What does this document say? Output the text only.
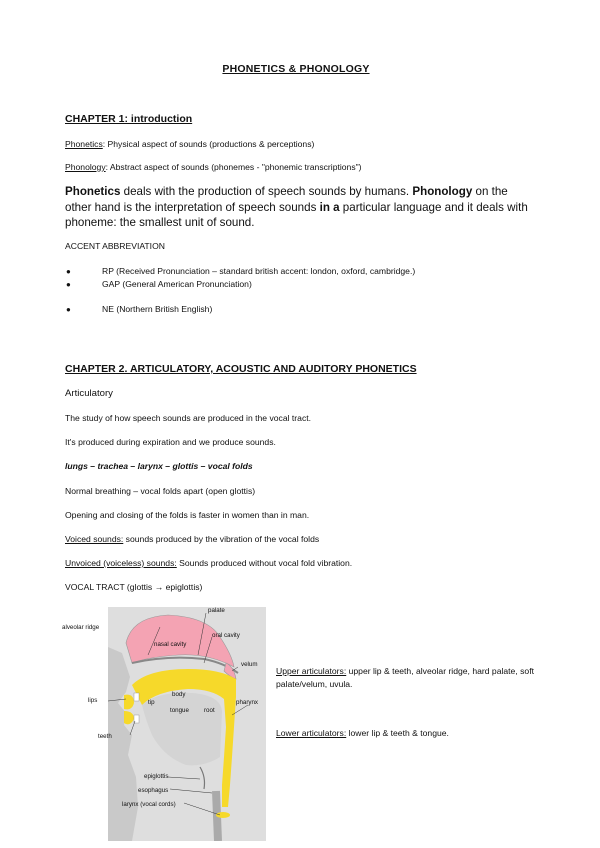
PHONETICS & PHONOLOGY
CHAPTER 1: introduction
Phonetics: Physical aspect of sounds (productions & perceptions)
Phonology: Abstract aspect of sounds (phonemes - "phonemic transcriptions")
Phonetics deals with the production of speech sounds by humans. Phonology on the other hand is the interpretation of speech sounds in a particular language and it deals with phoneme: the smallest unit of sound.
ACCENT ABBREVIATION
●	RP (Received Pronunciation – standard british accent: london, oxford, cambridge.)
●	GAP (General American Pronunciation)
●	NE (Northern British English)
CHAPTER 2. ARTICULATORY, ACOUSTIC AND AUDITORY PHONETICS
Articulatory
The study of how speech sounds are produced in the vocal tract.
It's produced during expiration and we produce sounds.
lungs – trachea – larynx – glottis – vocal folds
Normal breathing – vocal folds apart (open glottis)
Opening and closing of the folds is faster in women than in man.
Voiced sounds: sounds produced by the vibration of the vocal folds
Unvoiced (voiceless) sounds: Sounds produced without vocal fold vibration.
VOCAL TRACT (glottis → epiglottis)
palate
alveolar ridge
oral cavity
nasal cavity
velum
body
lips	tip	pharynx
tongue root
teeth
epiglottis
esophagus
larynx (vocal cords)
Upper articulators: upper lip & teeth, alveolar ridge, hard palate, soft palate/velum, uvula.
Lower articulators: lower lip & teeth & tongue.
